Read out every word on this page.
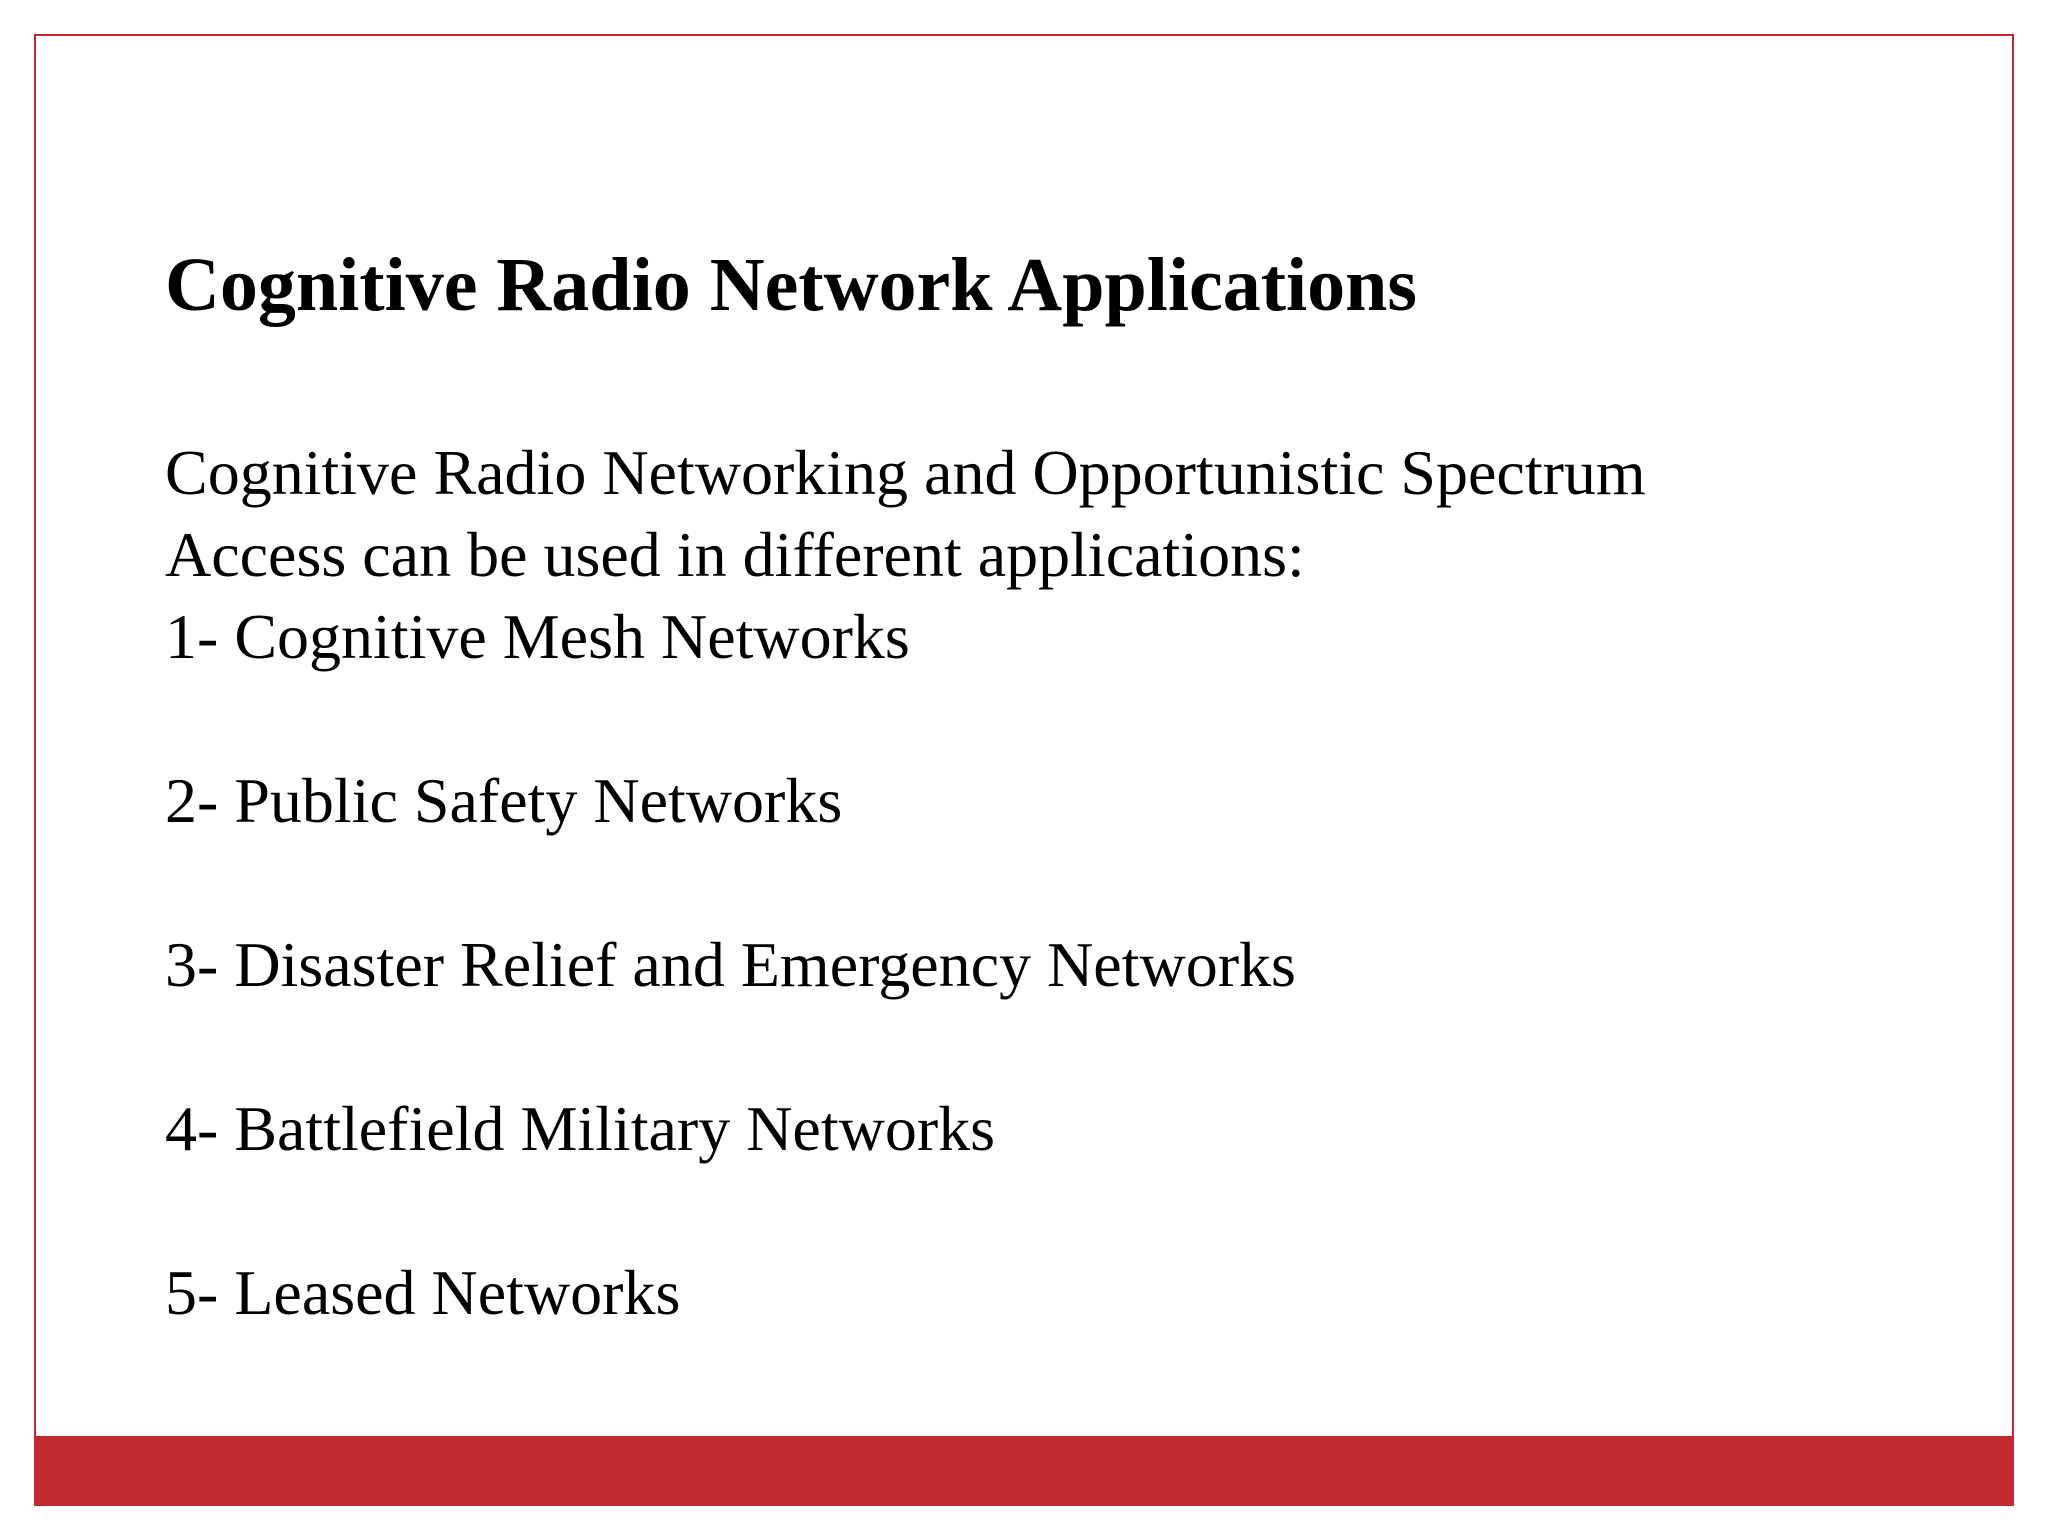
Cognitive Radio Network Applications

Cognitive Radio Networking and Opportunistic Spectrum
Access can be used in different applications:

1- Cognitive Mesh Networks
2- Public Safety Networks
3- Disaster Relief and Emergency Networks
4- Battlefield Military Networks
5- Leased Networks
